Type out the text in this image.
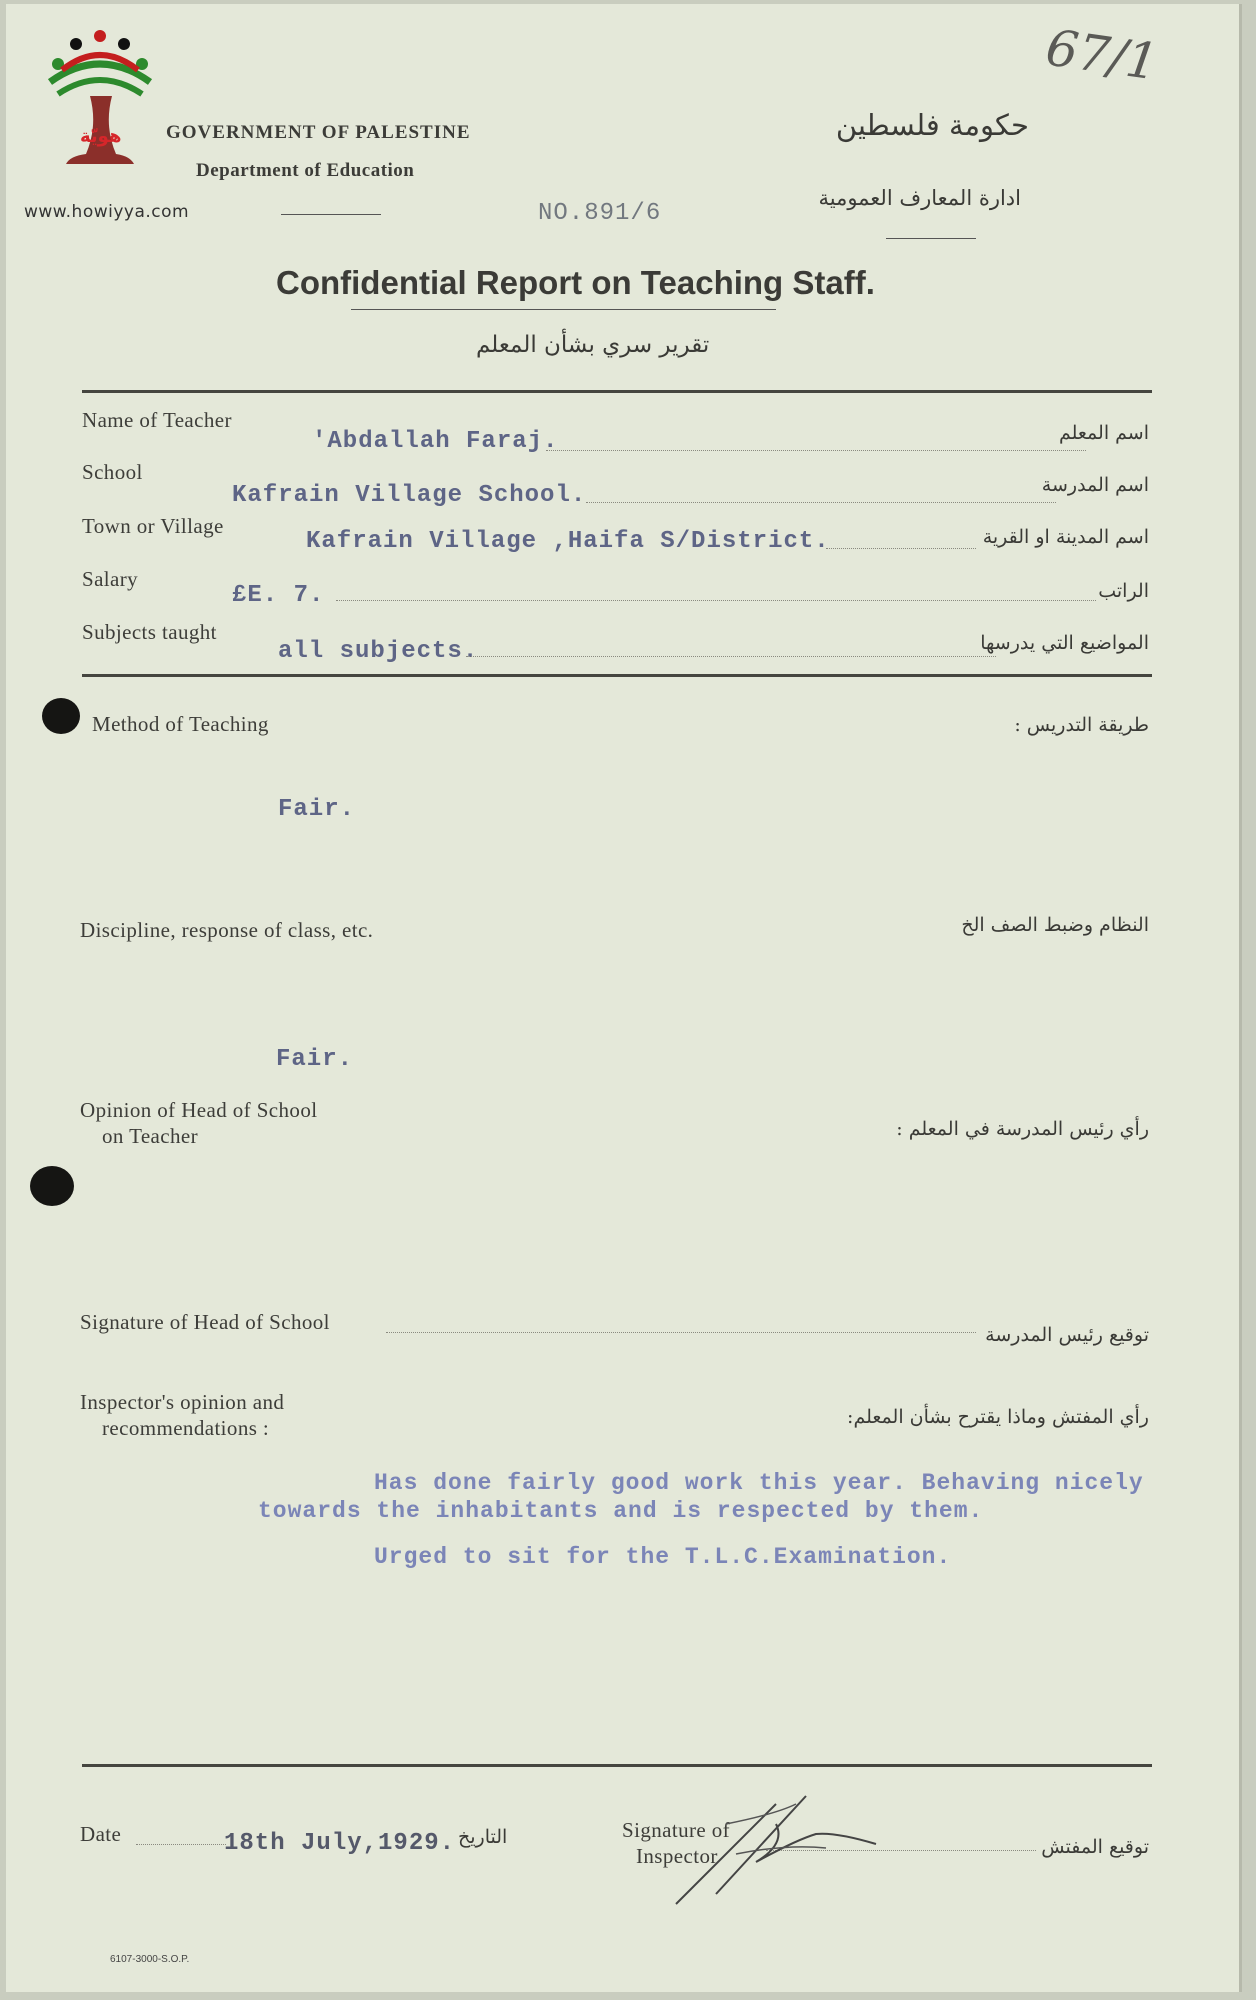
هويّة
www.howiyya.com
GOVERNMENT OF PALESTINE
Department of Education
حكومة فلسطين
ادارة المعارف العمومية
NO.891/6
67/1
Confidential Report on Teaching Staff.
تقرير سري بشأن المعلم
Name of Teacher
'Abdallah Faraj.	اسم المعلم
School
Kafrain Village School.	اسم المدرسة
Town or Village
Kafrain Village ,Haifa S/District.	اسم المدينة او القرية
Salary
£E. 7.	الراتب
Subjects taught
all subjects.	المواضيع التي يدرسها
Method of Teaching	طريقة التدريس :
Fair.
Discipline, response of class, etc.	النظام وضبط الصف الخ
Fair.
Opinion of Head of School
on Teacher	رأي رئيس المدرسة في المعلم :
Signature of Head of School
توقيع رئيس المدرسة
Inspector's opinion and
recommendations :	رأي المفتش وماذا يقترح بشأن المعلم:
Has done fairly good work this year. Behaving nicely
towards the inhabitants and is respected by them.
Urged to sit for the T.L.C.Examination.
Date	18th July,1929. التاريخ	Signature of
Inspector	توقيع المفتش
6107-3000-S.O.P.
